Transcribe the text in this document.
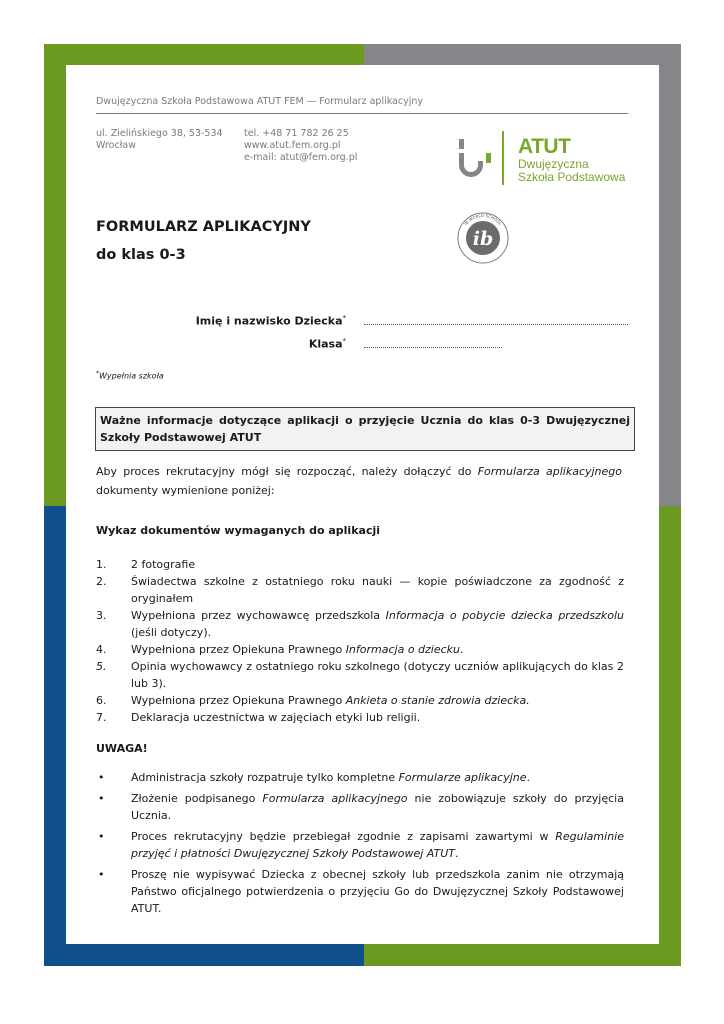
Dwujęzyczna Szkoła Podstawowa ATUT FEM — Formularz aplikacyjny
ul. Zielińskiego 38, 53-534
Wrocław
tel. +48 71 782 26 25
www.atut.fem.org.pl
e-mail: atut@fem.org.pl	ATUT
Dwujęzyczna
Szkoła Podstawowa
FORMULARZ APLIKACYJNY
do klas 0-3
ib
IB WORLD SCHOOL
Imię i nazwisko Dziecka*
Klasa*
*Wypełnia szkoła
Ważne informacje dotyczące aplikacji o przyjęcie Ucznia do klas 0-3 Dwujęzycznej Szkoły Podstawowej ATUT
Aby proces rekrutacyjny mógł się rozpocząć, należy dołączyć do Formularza aplikacyjnego dokumenty wymienione poniżej:
Wykaz dokumentów wymaganych do aplikacji
1. 2 fotografie
2. Świadectwa szkolne z ostatniego roku nauki — kopie poświadczone za zgodność z oryginałem
3. Wypełniona przez wychowawcę przedszkola Informacja o pobycie dziecka przedszkolu (jeśli dotyczy).
4. Wypełniona przez Opiekuna Prawnego Informacja o dziecku.
5. Opinia wychowawcy z ostatniego roku szkolnego (dotyczy uczniów aplikujących do klas 2 lub 3).
6. Wypełniona przez Opiekuna Prawnego Ankieta o stanie zdrowia dziecka.
7. Deklaracja uczestnictwa w zajęciach etyki lub religii.
UWAGA!
• Administracja szkoły rozpatruje tylko kompletne Formularze aplikacyjne.
• Złożenie podpisanego Formularza aplikacyjnego nie zobowiązuje szkoły do przyjęcia Ucznia.
• Proces rekrutacyjny będzie przebiegał zgodnie z zapisami zawartymi w Regulaminie przyjęć i płatności Dwujęzycznej Szkoły Podstawowej ATUT.
• Proszę nie wypisywać Dziecka z obecnej szkoły lub przedszkola zanim nie otrzymają Państwo oficjalnego potwierdzenia o przyjęciu Go do Dwujęzycznej Szkoły Podstawowej ATUT.
